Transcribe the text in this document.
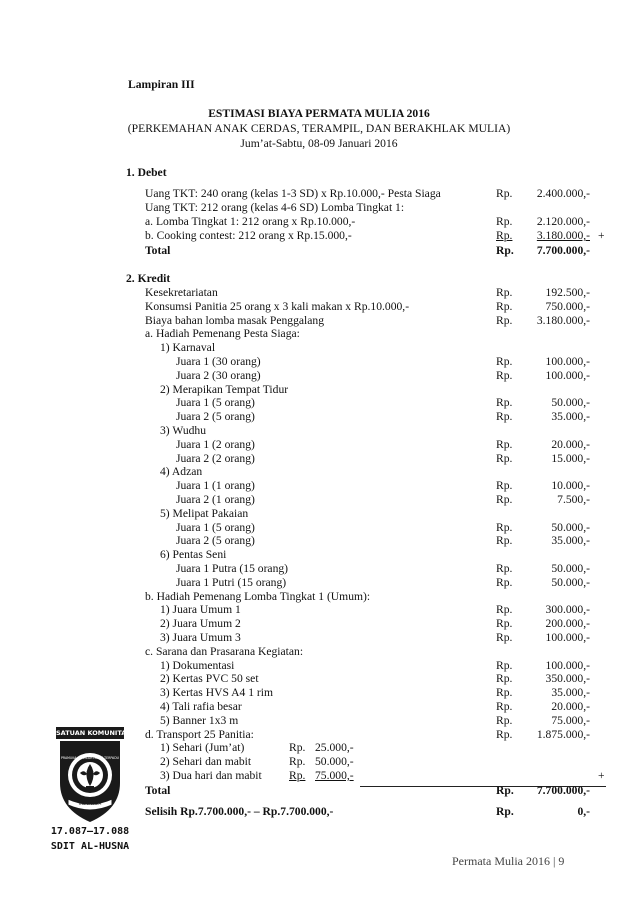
Lampiran III
ESTIMASI BIAYA PERMATA MULIA 2016
(PERKEMAHAN ANAK CERDAS, TERAMPIL, DAN BERAKHLAK MULIA)
Jum’at-Sabtu, 08-09 Januari 2016
1. Debet
Uang TKT: 240 orang (kelas 1-3 SD) x Rp.10.000,- Pesta Siaga	Rp.	2.400.000,-
Uang TKT: 212 orang (kelas 4-6 SD) Lomba Tingkat 1:
a. Lomba Tingkat 1: 212 orang x Rp.10.000,-	Rp.	2.120.000,-
b. Cooking contest: 212 orang x Rp.15.000,-	Rp.	3.180.000,- +
Total	Rp.	7.700.000,-
2. Kredit
Kesekretariatan	Rp.	192.500,-
Konsumsi Panitia 25 orang x 3 kali makan x Rp.10.000,-	Rp.	750.000,-
Biaya bahan lomba masak Penggalang	Rp.	3.180.000,-
a. Hadiah Pemenang Pesta Siaga:
1) Karnaval
Juara 1 (30 orang)	Rp.	100.000,-
Juara 2 (30 orang)	Rp.	100.000,-
2) Merapikan Tempat Tidur
Juara 1 (5 orang)	Rp.	50.000,-
Juara 2 (5 orang)	Rp.	35.000,-
3) Wudhu
Juara 1 (2 orang)	Rp.	20.000,-
Juara 2 (2 orang)	Rp.	15.000,-
4) Adzan
Juara 1 (1 orang)	Rp.	10.000,-
Juara 2 (1 orang)	Rp.	7.500,-
5) Melipat Pakaian
Juara 1 (5 orang)	Rp.	50.000,-
Juara 2 (5 orang)	Rp.	35.000,-
6) Pentas Seni
Juara 1 Putra (15 orang)	Rp.	50.000,-
Juara 1 Putri (15 orang)	Rp.	50.000,-
b. Hadiah Pemenang Lomba Tingkat 1 (Umum):
1) Juara Umum 1	Rp.	300.000,-
2) Juara Umum 2	Rp.	200.000,-
3) Juara Umum 3	Rp.	100.000,-
c. Sarana dan Prasarana Kegiatan:
1) Dokumentasi	Rp.	100.000,-
2) Kertas PVC 50 set	Rp.	350.000,-
3) Kertas HVS A4 1 rim	Rp.	35.000,-
4) Tali rafia besar	Rp.	20.000,-
5) Banner 1x3 m	Rp.	75.000,-
d. Transport 25 Panitia:	Rp.	1.875.000,-
1) Sehari (Jum’at)	Rp. 25.000,-
2) Sehari dan mabit	Rp. 50.000,-
3) Dua hari dan mabit Rp. 75.000,-	+
Total	Rp.	7.700.000,-
Selisih Rp.7.700.000,- – Rp.7.700.000,-	Rp.	0,-
SATUAN KOMUNITAS
INDONESIA
PRAMUKA SEKOLAH ISLAM TERPADU
17.087–17.088
SDIT AL-HUSNA
Permata Mulia 2016 | 9
